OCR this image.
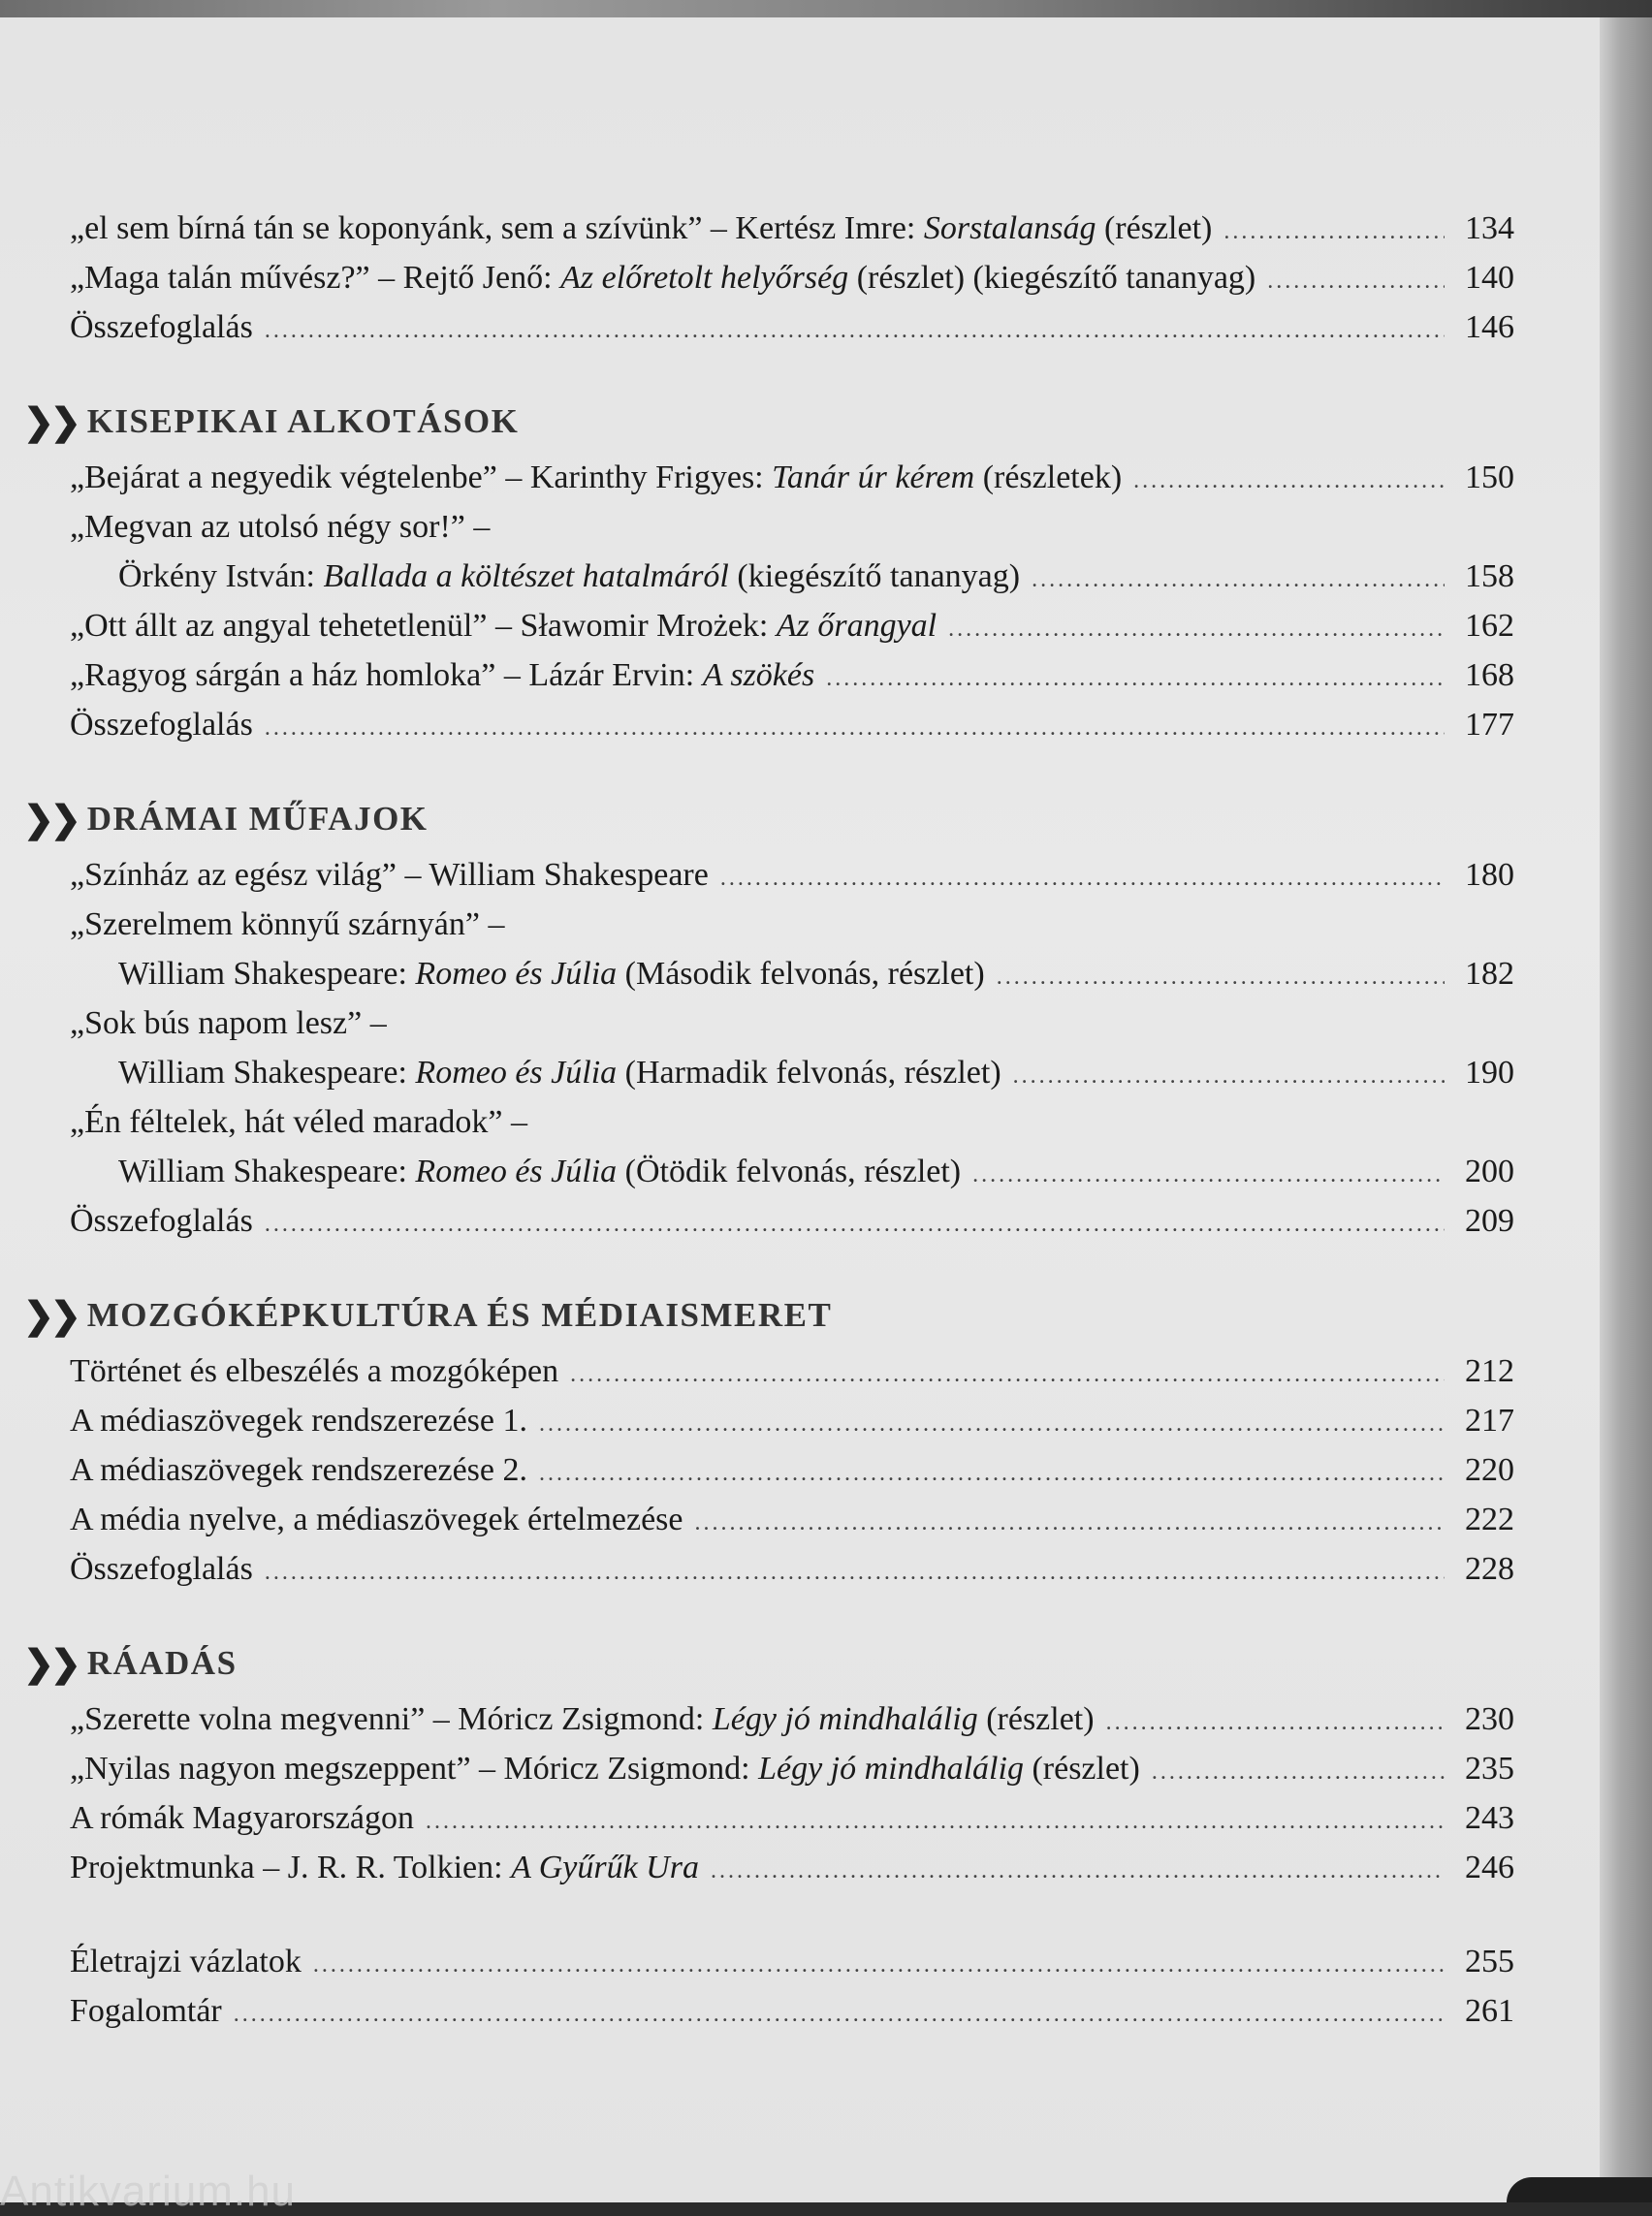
„el sem bírná tán se koponyánk, sem a szívünk” – Kertész Imre: Sorstalanság (részlet) .....	134
„Maga talán művész?” – Rejtő Jenő: Az előretolt helyőrség (részlet) (kiegészítő tananyag) .....	140
Összefoglalás .....	146
❯❯ KISEPIKAI ALKOTÁSOK
„Bejárat a negyedik végtelenbe” – Karinthy Frigyes: Tanár úr kérem (részletek) .....	150
„Megvan az utolsó négy sor!” –
Örkény István: Ballada a költészet hatalmáról (kiegészítő tananyag) .....	158
„Ott állt az angyal tehetetlenül” – Sławomir Mrożek: Az őrangyal .....	162
„Ragyog sárgán a ház homloka” – Lázár Ervin: A szökés .....	168
Összefoglalás .....	177
❯❯ DRÁMAI MŰFAJOK
„Színház az egész világ” – William Shakespeare .....	180
„Szerelmem könnyű szárnyán” –
William Shakespeare: Romeo és Júlia (Második felvonás, részlet) .....	182
„Sok bús napom lesz” –
William Shakespeare: Romeo és Júlia (Harmadik felvonás, részlet) .....	190
„Én féltelek, hát véled maradok” –
William Shakespeare: Romeo és Júlia (Ötödik felvonás, részlet) .....	200
Összefoglalás .....	209
❯❯ MOZGÓKÉPKULTÚRA ÉS MÉDIAISMERET
Történet és elbeszélés a mozgóképen .....	212
A médiaszövegek rendszerezése 1. .....	217
A médiaszövegek rendszerezése 2. .....	220
A média nyelve, a médiaszövegek értelmezése .....	222
Összefoglalás .....	228
❯❯ RÁADÁS
„Szerette volna megvenni” – Móricz Zsigmond: Légy jó mindhalálig (részlet) .....	230
„Nyilas nagyon megszeppent” – Móricz Zsigmond: Légy jó mindhalálig (részlet) .....	235
A rómák Magyarországon .....	243
Projektmunka – J. R. R. Tolkien: A Gyűrűk Ura .....	246
Életrajzi vázlatok .....	255
Fogalomtár .....	261
Antikvarium.hu
